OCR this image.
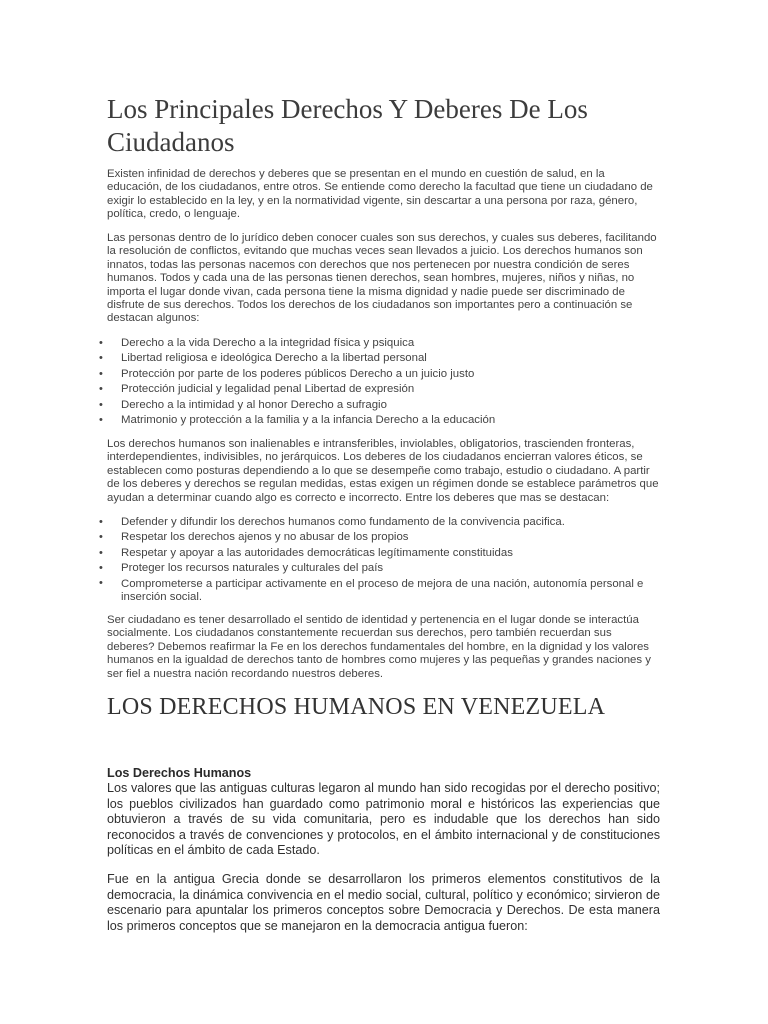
Los Principales Derechos Y Deberes De Los Ciudadanos

Existen infinidad de derechos y deberes que se presentan en el mundo en cuestión de salud, en la educación, de los ciudadanos, entre otros. Se entiende como derecho la facultad que tiene un ciudadano de exigir lo establecido en la ley, y en la normatividad vigente, sin descartar a una persona por raza, género, política, credo, o lenguaje.

Las personas dentro de lo jurídico deben conocer cuales son sus derechos, y cuales sus deberes, facilitando la resolución de conflictos, evitando que muchas veces sean llevados a juicio. Los derechos humanos son innatos, todas las personas nacemos con derechos que nos pertenecen por nuestra condición de seres humanos. Todos y cada una de las personas tienen derechos, sean hombres, mujeres, niños y niñas, no importa el lugar donde vivan, cada persona tiene la misma dignidad y nadie puede ser discriminado de disfrute de sus derechos. Todos los derechos de los ciudadanos son importantes pero a continuación se destacan algunos:

• Derecho a la vida Derecho a la integridad física y psiquica
• Libertad religiosa e ideológica Derecho a la libertad personal
• Protección por parte de los poderes públicos Derecho a un juicio justo
• Protección judicial y legalidad penal Libertad de expresión
• Derecho a la intimidad y al honor Derecho a sufragio
• Matrimonio y protección a la familia y a la infancia Derecho a la educación

Los derechos humanos son inalienables e intransferibles, inviolables, obligatorios, trascienden fronteras, interdependientes, indivisibles, no jerárquicos. Los deberes de los ciudadanos encierran valores éticos, se establecen como posturas dependiendo a lo que se desempeñe como trabajo, estudio o ciudadano. A partir de los deberes y derechos se regulan medidas, estas exigen un régimen donde se establece parámetros que ayudan a determinar cuando algo es correcto e incorrecto. Entre los deberes que mas se destacan:

• Defender y difundir los derechos humanos como fundamento de la convivencia pacifica.
• Respetar los derechos ajenos y no abusar de los propios
• Respetar y apoyar a las autoridades democráticas legítimamente constituidas
• Proteger los recursos naturales y culturales del país
• Comprometerse a participar activamente en el proceso de mejora de una nación, autonomía personal e inserción social.

Ser ciudadano es tener desarrollado el sentido de identidad y pertenencia en el lugar donde se interactúa socialmente. Los ciudadanos constantemente recuerdan sus derechos, pero también recuerdan sus deberes? Debemos reafirmar la Fe en los derechos fundamentales del hombre, en la dignidad y los valores humanos en la igualdad de derechos tanto de hombres como mujeres y las pequeñas y grandes naciones y ser fiel a nuestra nación recordando nuestros deberes.

LOS DERECHOS HUMANOS EN VENEZUELA

Los Derechos Humanos

Los valores que las antiguas culturas legaron al mundo han sido recogidas por el derecho positivo; los pueblos civilizados han guardado como patrimonio moral e históricos las experiencias que obtuvieron a través de su vida comunitaria, pero es indudable que los derechos han sido reconocidos a través de convenciones y protocolos, en el ámbito internacional y de constituciones políticas en el ámbito de cada Estado.

Fue en la antigua Grecia donde se desarrollaron los primeros elementos constitutivos de la democracia, la dinámica convivencia en el medio social, cultural, político y económico; sirvieron de escenario para apuntalar los primeros conceptos sobre Democracia y Derechos. De esta manera los primeros conceptos que se manejaron en la democracia antigua fueron:
